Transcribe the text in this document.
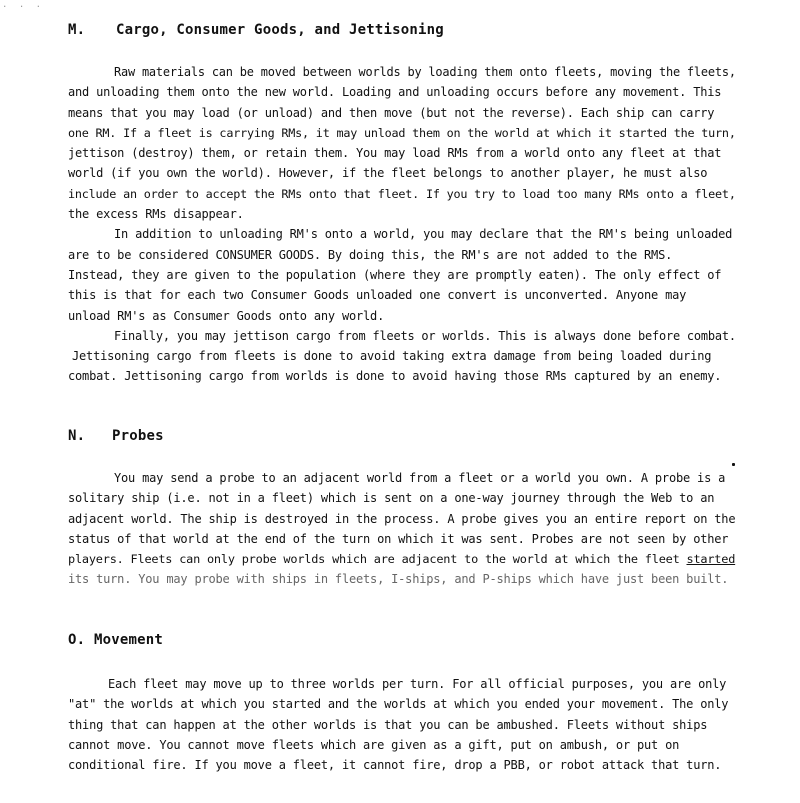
. . .
M. Cargo, Consumer Goods, and Jettisoning
Raw materials can be moved between worlds by loading them onto fleets, moving the fleets,
and unloading them onto the new world. Loading and unloading occurs before any movement. This
means that you may load (or unload) and then move (but not the reverse). Each ship can carry
one RM. If a fleet is carrying RMs, it may unload them on the world at which it started the turn,
jettison (destroy) them, or retain them. You may load RMs from a world onto any fleet at that
world (if you own the world). However, if the fleet belongs to another player, he must also
include an order to accept the RMs onto that fleet. If you try to load too many RMs onto a fleet,
the excess RMs disappear.
In addition to unloading RM's onto a world, you may declare that the RM's being unloaded
are to be considered CONSUMER GOODS. By doing this, the RM's are not added to the RMS.
Instead, they are given to the population (where they are promptly eaten). The only effect of
this is that for each two Consumer Goods unloaded one convert is unconverted. Anyone may
unload RM's as Consumer Goods onto any world.
Finally, you may jettison cargo from fleets or worlds. This is always done before combat.
Jettisoning cargo from fleets is done to avoid taking extra damage from being loaded during
combat. Jettisoning cargo from worlds is done to avoid having those RMs captured by an enemy.
N. Probes
You may send a probe to an adjacent world from a fleet or a world you own. A probe is a
solitary ship (i.e. not in a fleet) which is sent on a one-way journey through the Web to an
adjacent world. The ship is destroyed in the process. A probe gives you an entire report on the
status of that world at the end of the turn on which it was sent. Probes are not seen by other
players. Fleets can only probe worlds which are adjacent to the world at which the fleet started
its turn. You may probe with ships in fleets, I-ships, and P-ships which have just been built.
O. Movement
Each fleet may move up to three worlds per turn. For all official purposes, you are only
"at" the worlds at which you started and the worlds at which you ended your movement. The only
thing that can happen at the other worlds is that you can be ambushed. Fleets without ships
cannot move. You cannot move fleets which are given as a gift, put on ambush, or put on
conditional fire. If you move a fleet, it cannot fire, drop a PBB, or robot attack that turn.
